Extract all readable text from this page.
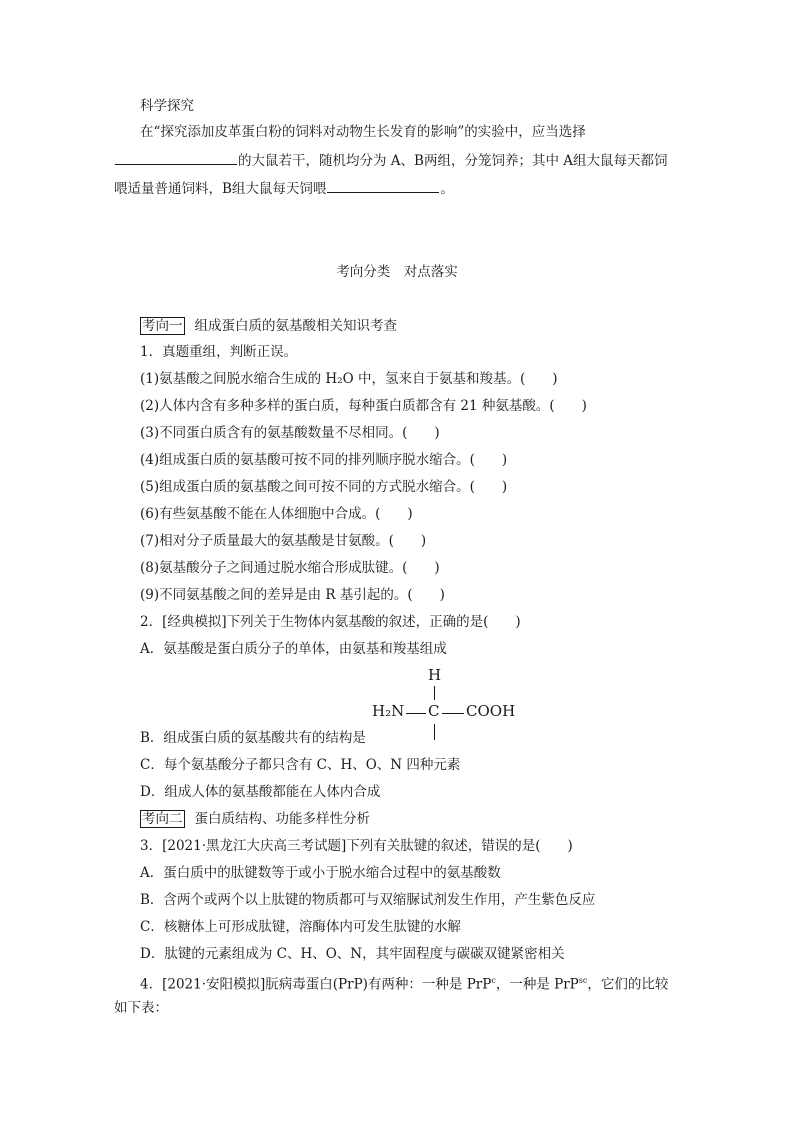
科学探究
在“探究添加皮革蛋白粉的饲料对动物生长发育的影响”的实验中，应当选择
的大鼠若干，随机均分为 A、B两组，分笼饲养；其中 A组大鼠每天都饲
喂适量普通饲料，B组大鼠每天饲喂	。
考向分类　对点落实
考向一 组成蛋白质的氨基酸相关知识考查
1．真题重组，判断正误。
(1)氨基酸之间脱水缩合生成的 H₂O 中，氢来自于氨基和羧基。(　　)
(2)人体内含有多种多样的蛋白质，每种蛋白质都含有 21 种氨基酸。(　　)
(3)不同蛋白质含有的氨基酸数量不尽相同。(　　)
(4)组成蛋白质的氨基酸可按不同的排列顺序脱水缩合。(　　)
(5)组成蛋白质的氨基酸之间可按不同的方式脱水缩合。(　　)
(6)有些氨基酸不能在人体细胞中合成。(　　)
(7)相对分子质量最大的氨基酸是甘氨酸。(　　)
(8)氨基酸分子之间通过脱水缩合形成肽键。(　　)
(9)不同氨基酸之间的差异是由 R 基引起的。(　　)
2．[经典模拟]下列关于生物体内氨基酸的叙述，正确的是(　　)
A．氨基酸是蛋白质分子的单体，由氨基和羧基组成
H
H₂N C COOH
B．组成蛋白质的氨基酸共有的结构是
C．每个氨基酸分子都只含有 C、H、O、N 四种元素
D．组成人体的氨基酸都能在人体内合成
考向二 蛋白质结构、功能多样性分析
3．[2021·黑龙江大庆高三考试题]下列有关肽键的叙述，错误的是(　　)
A．蛋白质中的肽键数等于或小于脱水缩合过程中的氨基酸数
B．含两个或两个以上肽键的物质都可与双缩脲试剂发生作用，产生紫色反应
C．核糖体上可形成肽键，溶酶体内可发生肽键的水解
D．肽键的元素组成为 C、H、O、N，其牢固程度与碳碳双键紧密相关
4．[2021·安阳模拟]朊病毒蛋白(PrP)有两种：一种是 PrP$^c$，一种是 PrP$^{sc}$，它们的比较
如下表：
